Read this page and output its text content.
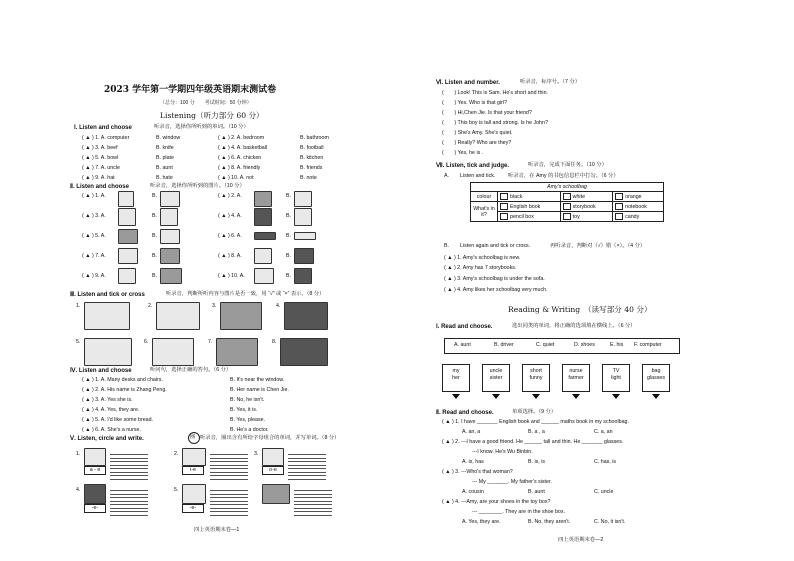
2023 学年第一学期四年级英语期末测试卷
（总分：100 分　　考试时间：50 分钟）
Listening（听力部分 60 分）
Ⅰ. Listen and choose	听录音，选择你所听到的单词。（10 分）
( ▲ ) 1. A. computer	B. window	( ▲ ) 2. A. bedroom	B. bathroom
( ▲ ) 3. A. beef	B. knife	( ▲ ) 4. A. basketball	B. football
( ▲ ) 5. A. bowl	B. plate	( ▲ ) 6. A. chicken	B. kitchen
( ▲ ) 7. A. uncle	B. aunt	( ▲ ) 8. A. friendly	B. friends
( ▲ ) 9. A. hat	B. hate	( ▲ ) 10. A. not	B. note
Ⅱ. Listen and choose	听录音，选择你所听到的图片。（10 分）
( ▲ ) 1. A.	B.	( ▲ ) 2. A.	B.
( ▲ ) 3. A.	B.	( ▲ ) 4. A.	B.
( ▲ ) 5. A.	B.	( ▲ ) 6. A.	B.
( ▲ ) 7. A.	B.	( ▲ ) 8. A.	B.
( ▲ ) 9. A.	B.	( ▲ ) 10. A.	B.
Ⅲ. Listen and tick or cross	听录音，判断所听内容与图片是否一致，用 “√” 或 “×” 表示。（8 分）
1.	2.	3.	4.
5.	6.	7.	8.
Ⅳ. Listen and choose	听问句，选择正确的答句。（6 分）
( ▲ ) 1. A. Many desks and chairs.	B. It's near the window.
( ▲ ) 2. A. His name is Zhang Peng.	B. Her name is Chen Jie.
( ▲ ) 3. A. Yes she is.	B. No, he isn't.
( ▲ ) 4. A. Yes, they are.	B. Yes, it is.
( ▲ ) 5. A. I'd like some bread.	B. Yes, please.
( ▲ ) 6. A. She's a nurse.	B. He's a doctor.
Ⅴ. Listen, circle and write.	圈 听录音，圈出含有所给字母组合的单词，并写单词。（8 分）
1.
a - e
2.
i-e
3.
o-e
4.
-e-
5.
-e-
四上英语期末卷—1
Ⅵ. Listen and number.	听录音，标序号。（7 分）
(　　) Look! This is Sam. He's short and thin.
(　　) Yes. Who is that girl?
(　　) Hi,Chen Jie. Is that your friend?
(　　) This boy is tall and strong. Is he John?
(　　) She's Amy. She's quiet.
(　　) Really? Who are they?
(　　) Yes, he is .
Ⅶ. Listen, tick and judge.	听录音，完成下面任务。（10 分）
A. Listen and tick. 听录音，在 Amy 的书包信息栏中打勾。（6 分）
Amy's schoolbag			
colour	black	white	orange
What's in it?	English book	storybook	notebook
	pencil box	toy	candy
B. Listen again and tick or cross.	再听录音，判断对（√）错（×）。（4 分）
( ▲ ) 1. Amy's schoolbag is new.
( ▲ ) 2. Amy has 7 storybooks.
( ▲ ) 3. Amy's schoolbag is under the sofa.
( ▲ ) 4. Amy likes her schoolbag very much.
Reading & Writing　（读写部分 40 分）
Ⅰ. Read and choose.	选出同类的单词，将正确的选项填在横线上。（6 分）
A. aunt	B. driver	C. quiet	D. shoes	E. his F. computer
my
her
uncle
sister
short
funny
nurse
farmer
TV
light
bag
glasses
Ⅱ. Read and choose.	单项选择。（9 分）
( ▲ ) 1. I have _______ English book and ______ maths book in my schoolbag.
A. an, a	B. a , a	C. a, an
( ▲ ) 2. ---I have a good friend. He ______ tall and thin. He _______ glasses.
---I know. He's Wu Binbin.
A. is, has	B. is, is	C. has, is
( ▲ ) 3. ---Who's that woman?
--- My _______. My father's sister.
A. cousin	B. aunt	C. uncle
( ▲ ) 4. ---Amy, are your shoes in the toy box?
--- ________. They are in the shoe box.
A. Yes, they are.	B. No, they aren't.	C. No, it isn't.
四上英语期末卷—2
